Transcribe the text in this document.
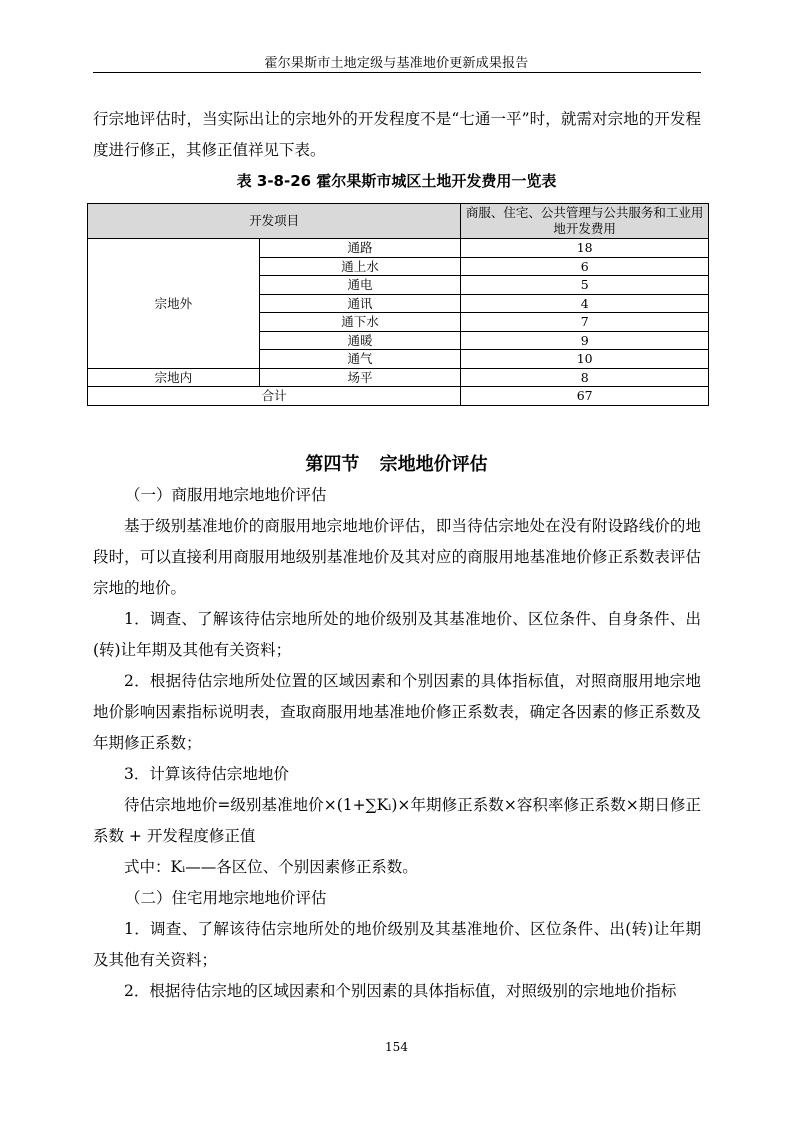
霍尔果斯市土地定级与基准地价更新成果报告
行宗地评估时，当实际出让的宗地外的开发程度不是“七通一平”时，就需对宗地的开发程度进行修正，其修正值祥见下表。
表 3-8-26 霍尔果斯市城区土地开发费用一览表
开发项目		商服、住宅、公共管理与公共服务和工业用地开发费用
宗地外	通路	18
	通上水	6
	通电	5
	通讯	4
	通下水	7
	通暖	9
	通气	10
宗地内	场平	8
合计		67
第四节 宗地地价评估
（一）商服用地宗地地价评估
基于级别基准地价的商服用地宗地地价评估，即当待估宗地处在没有附设路线价的地段时，可以直接利用商服用地级别基准地价及其对应的商服用地基准地价修正系数表评估宗地的地价。
1．调查、了解该待估宗地所处的地价级别及其基准地价、区位条件、自身条件、出(转)让年期及其他有关资料；
2．根据待估宗地所处位置的区域因素和个别因素的具体指标值，对照商服用地宗地地价影响因素指标说明表，查取商服用地基准地价修正系数表，确定各因素的修正系数及年期修正系数；
3．计算该待估宗地地价
待估宗地地价=级别基准地价×(1+∑Kᵢ)×年期修正系数×容积率修正系数×期日修正系数 + 开发程度修正值
式中：Kᵢ——各区位、个别因素修正系数。
（二）住宅用地宗地地价评估
1．调查、了解该待估宗地所处的地价级别及其基准地价、区位条件、出(转)让年期及其他有关资料；
2．根据待估宗地的区域因素和个别因素的具体指标值，对照级别的宗地地价指标
154
